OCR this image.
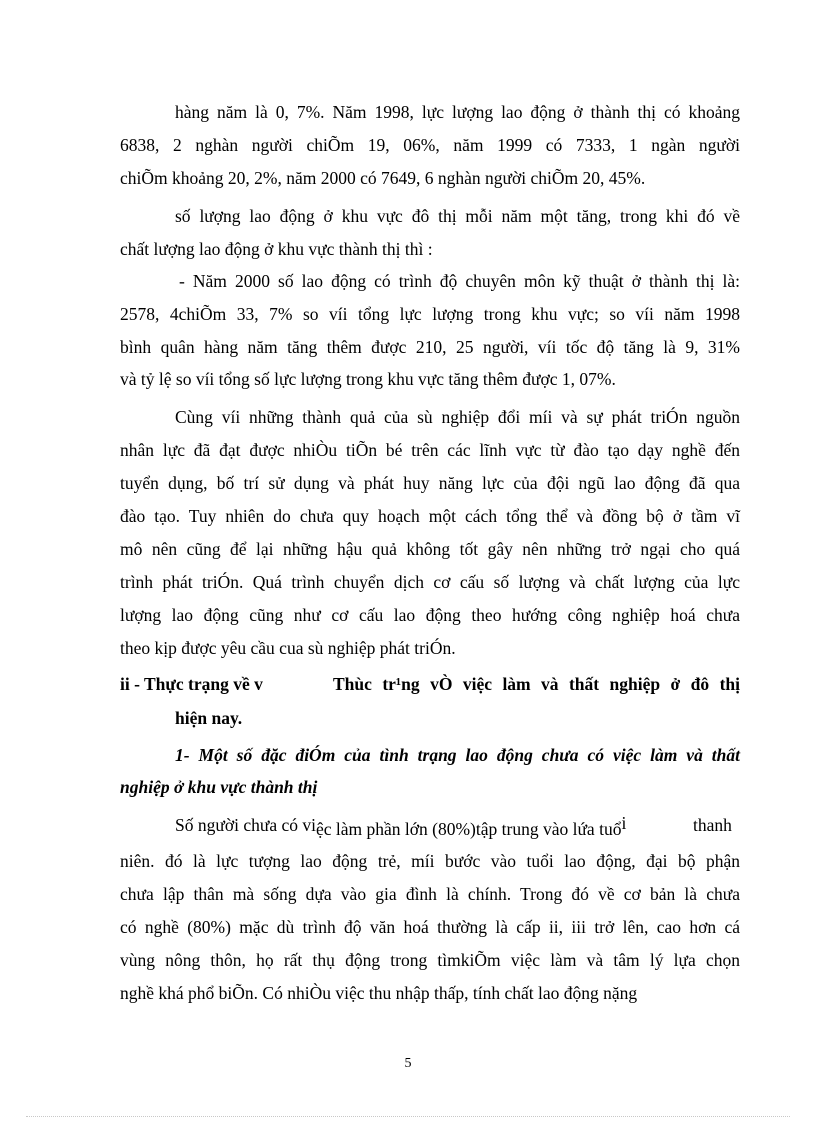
hàng năm là 0, 7%. Năm 1998, lực lượng lao động ở thành thị có khoảng
6838, 2 nghàn người chiÕm 19, 06%, năm 1999 có 7333, 1 ngàn người
chiÕm khoảng 20, 2%, năm 2000 có 7649, 6 nghàn người chiÕm 20, 45%.
số lượng lao động ở khu vực đô thị mỗi năm một tăng, trong khi đó về
chất lượng lao động ở khu vực thành thị thì :
- Năm 2000 số lao động có trình độ chuyên môn kỹ thuật ở thành thị là:
2578, 4chiÕm 33, 7% so víi tổng lực lượng trong khu vực; so víi năm 1998
bình quân hàng năm tăng thêm được 210, 25 người, víi tốc độ tăng là 9, 31%
và tỷ lệ so víi tổng số lực lượng trong khu vực tăng thêm được 1, 07%.
Cùng víi những thành quả của sù nghiệp đổi míi và sự phát triÓn nguồn
nhân lực đã đạt được nhiÒu tiÕn bé trên các lĩnh vực từ đào tạo dạy nghề đến
tuyển dụng, bố trí sử dụng và phát huy năng lực của đội ngũ lao động đã qua
đào tạo. Tuy nhiên do chưa quy hoạch một cách tổng thể và đồng bộ ở tầm vĩ
mô nên cũng để lại những hậu quả không tốt gây nên những trở ngại cho quá
trình phát triÓn. Quá trình chuyển dịch cơ cấu số lượng và chất lượng của lực
lượng lao động cũng như cơ cấu lao động theo hướng công nghiệp hoá chưa
theo kịp được yêu cầu cua sù nghiệp phát triÓn.
ii - Thực trạng về v	Thùc tr¹ng vÒ việc làm và thất nghiệp ở đô thị
hiện nay.
1- Một số đặc điÓm của tình trạng lao động chưa có việc làm và thất
nghiệp ở khu vực thành thị
Số người chưa có việc làm phần lớn (80%)tập trung vào lứa tuổi	thanh
niên. đó là lực tượng lao động trẻ, míi bước vào tuổi lao động, đại bộ phận
chưa lập thân mà sống dựa vào gia đình là chính. Trong đó về cơ bản là chưa
có nghề (80%) mặc dù trình độ văn hoá thường là cấp ii, iii trở lên, cao hơn cá
vùng nông thôn, họ rất thụ động trong tìmkiÕm việc làm và tâm lý lựa chọn
nghề khá phổ biÕn. Có nhiÒu việc thu nhập thấp, tính chất lao động nặng
5
